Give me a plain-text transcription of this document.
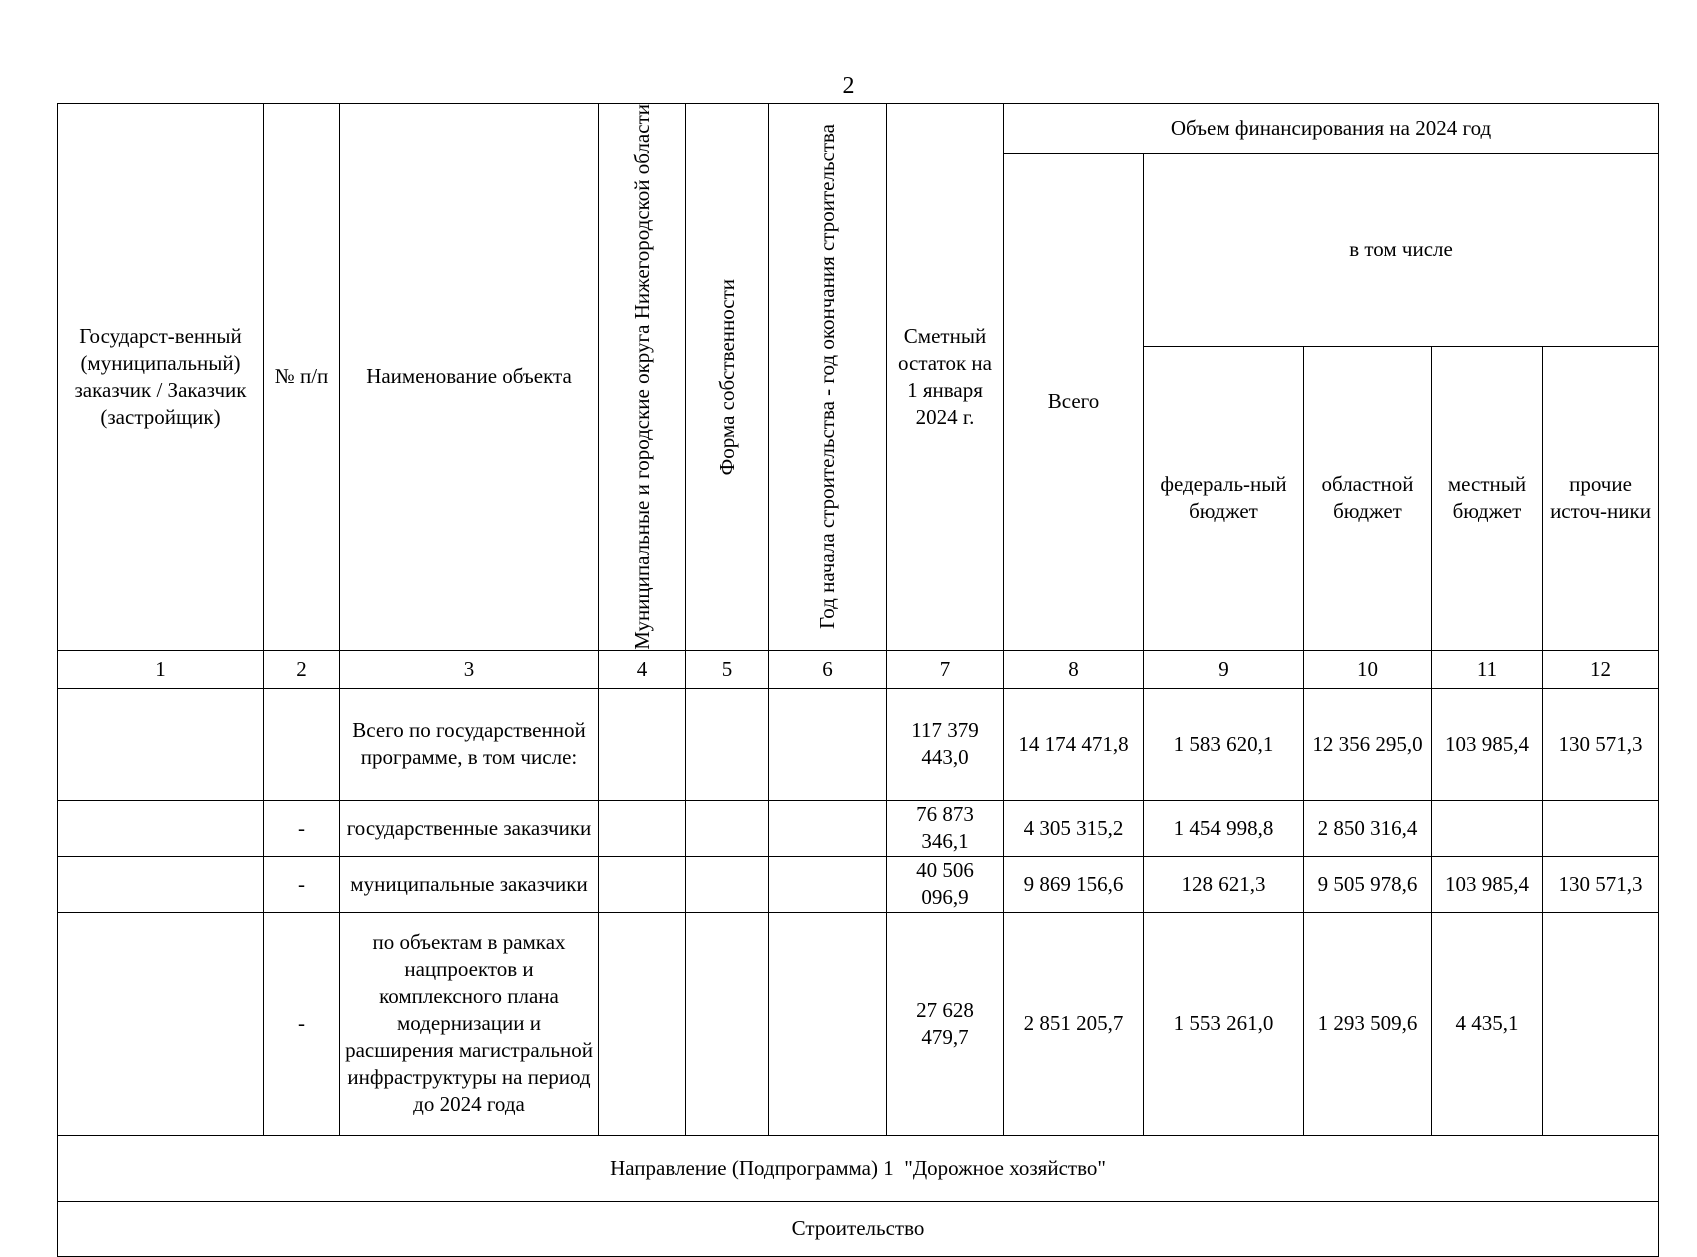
2
Государст-венный (муниципальный) заказчик / Заказчик (застройщик)	№ п/п	Наименование объекта	Муниципальные и городские округа Нижегородской области	Форма собственности	Год начала строительства - год окончания строительства	Сметный остаток на 1 января 2024 г.	Объем финансирования на 2024 год				
							Всего	в том числе			
								федераль-ный бюджет	областной бюджет	местный бюджет	прочие источ-ники
1	2	3	4	5	6	7	8	9	10	11	12
		Всего по государственной программе, в том числе:				117 379 443,0	14 174 471,8	1 583 620,1	12 356 295,0	103 985,4	130 571,3
	-	государственные заказчики				76 873 346,1	4 305 315,2	1 454 998,8	2 850 316,4		
	-	муниципальные заказчики				40 506 096,9	9 869 156,6	128 621,3	9 505 978,6	103 985,4	130 571,3
	-	по объектам в рамках нацпроектов и комплексного плана модернизации и расширения магистральной инфраструктуры на период до 2024 года				27 628 479,7	2 851 205,7	1 553 261,0	1 293 509,6	4 435,1	
Направление (Подпрограмма) 1  "Дорожное хозяйство"											
Строительство											
